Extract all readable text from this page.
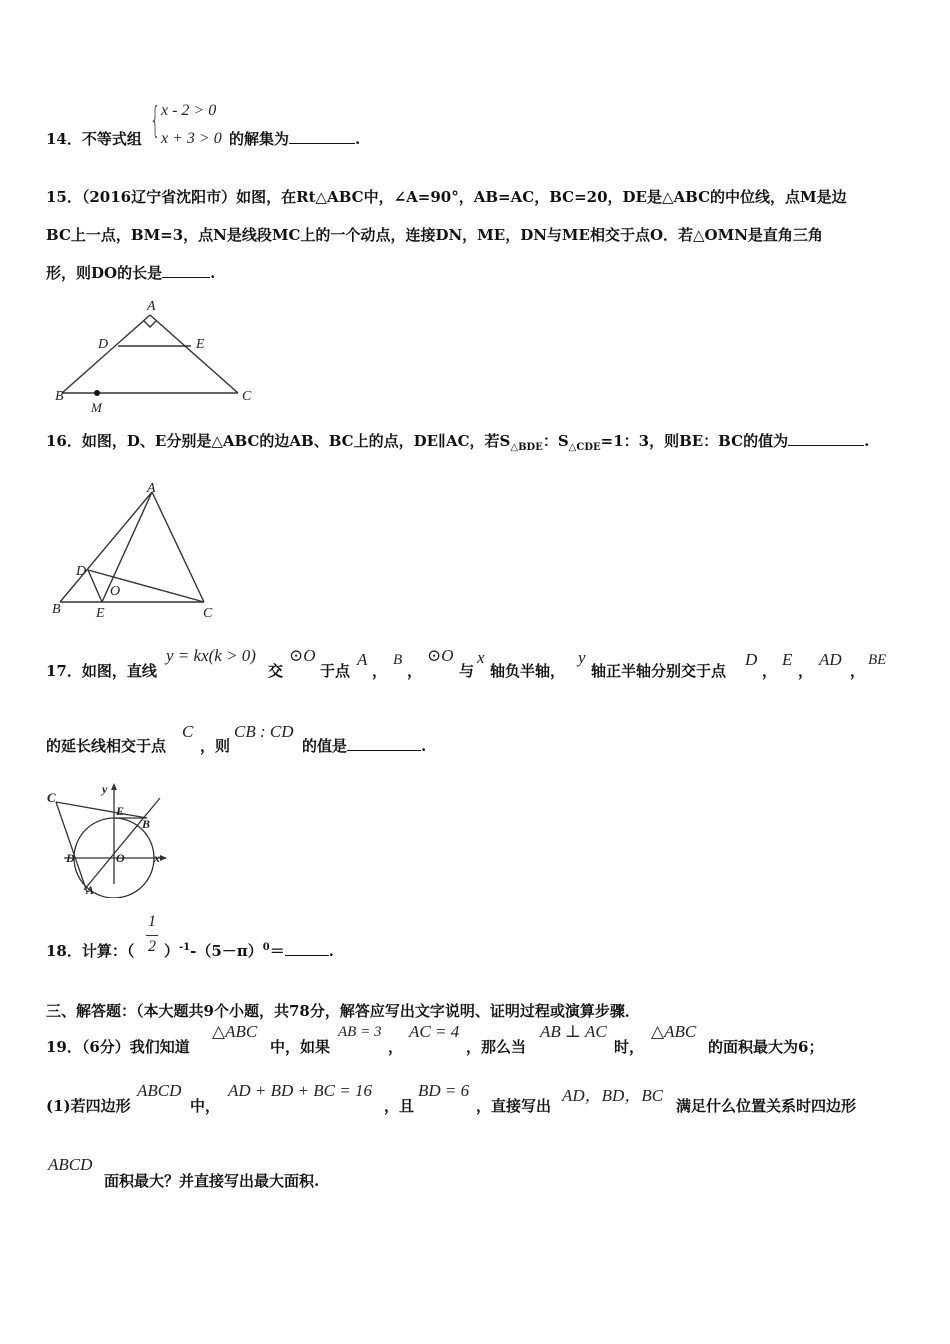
14．不等式组 { x - 2 > 0
x + 3 > 0 的解集为	.
15．（2016辽宁省沈阳市）如图，在Rt△ABC中，∠A=90°，AB=AC，BC=20，DE是△ABC的中位线，点M是边
BC上一点，BM=3，点N是线段MC上的一个动点，连接DN，ME，DN与ME相交于点O．若△OMN是直角三角
形，则DO的长是	.
A
D	E
B	C
M
16．如图，D、E分别是△ABC的边AB、BC上的点，DE∥AC，若$S_{\triangle BDE}$：$S_{\triangle CDE}=1$：3，则BE：BC的值为	.
A
D
O
B	E	C
17．如图，直线
y = kx(k > 0)
交
⊙O
于点
A
，
B
，
⊙O
与
x
轴负半轴，
y
轴正半轴分别交于点
D
，
E
，
AD
，
BE
的延长线相交于点
C
，则
CB : CD
的值是	.
C
y
E
B
D	O x
A
18．计算：（
1
2 ）$^{-1}-(5-\pi)^0=$	.
三、解答题：（本大题共9个小题，共78分，解答应写出文字说明、证明过程或演算步骤．
19．（6分）我们知道
△ABC
中，如果
AB = 3
，
AC = 4
，那么当
AB ⊥ AC
时，
△ABC
的面积最大为6；
(1)若四边形
ABCD
中，
AD + BD + BC = 16
，且
BD = 6
，直接写出
AD，BD，BC
满足什么位置关系时四边形
ABCD
面积最大？并直接写出最大面积.
